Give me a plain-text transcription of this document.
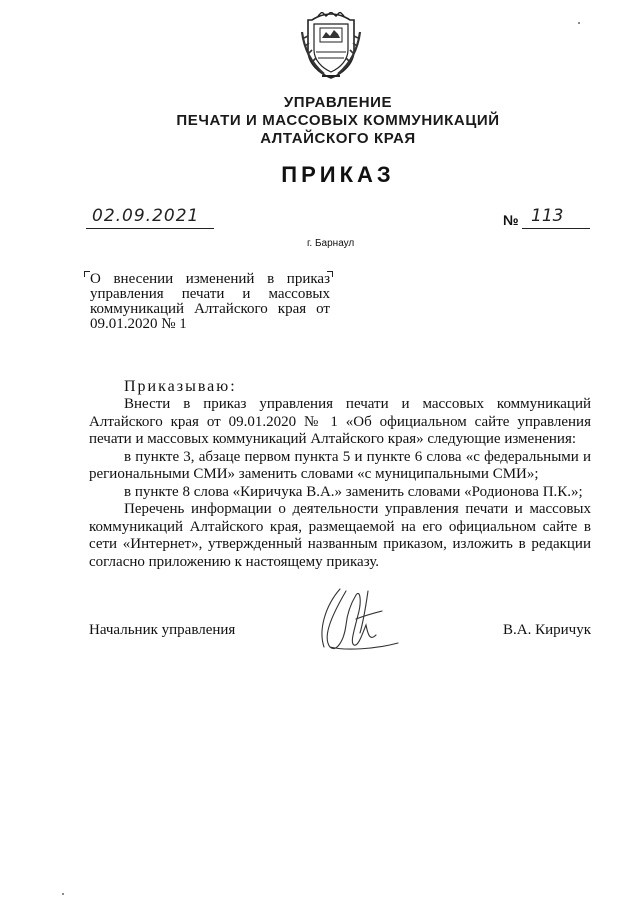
УПРАВЛЕНИЕ
ПЕЧАТИ И МАССОВЫХ КОММУНИКАЦИЙ
АЛТАЙСКОГО КРАЯ
ПРИКАЗ
02.09.2021	№ 113
г. Барнаул
О внесении изменений в приказ управления печати и массовых коммуникаций Алтайского края от 09.01.2020 № 1
Приказываю:

Внести в приказ управления печати и массовых коммуникаций Алтайского края от 09.01.2020 № 1 «Об официальном сайте управления печати и массовых коммуникаций Алтайского края» следующие изменения:

в пункте 3, абзаце первом пункта 5 и пункте 6 слова «с федеральными и региональными СМИ» заменить словами «с муниципальными СМИ»;

в пункте 8 слова «Киричука В.А.» заменить словами «Родионова П.К.»;

Перечень информации о деятельности управления печати и массовых коммуникаций Алтайского края, размещаемой на его официальном сайте в сети «Интернет», утвержденный названным приказом, изложить в редакции согласно приложению к настоящему приказу.

Начальник управления	В.А. Киричук
